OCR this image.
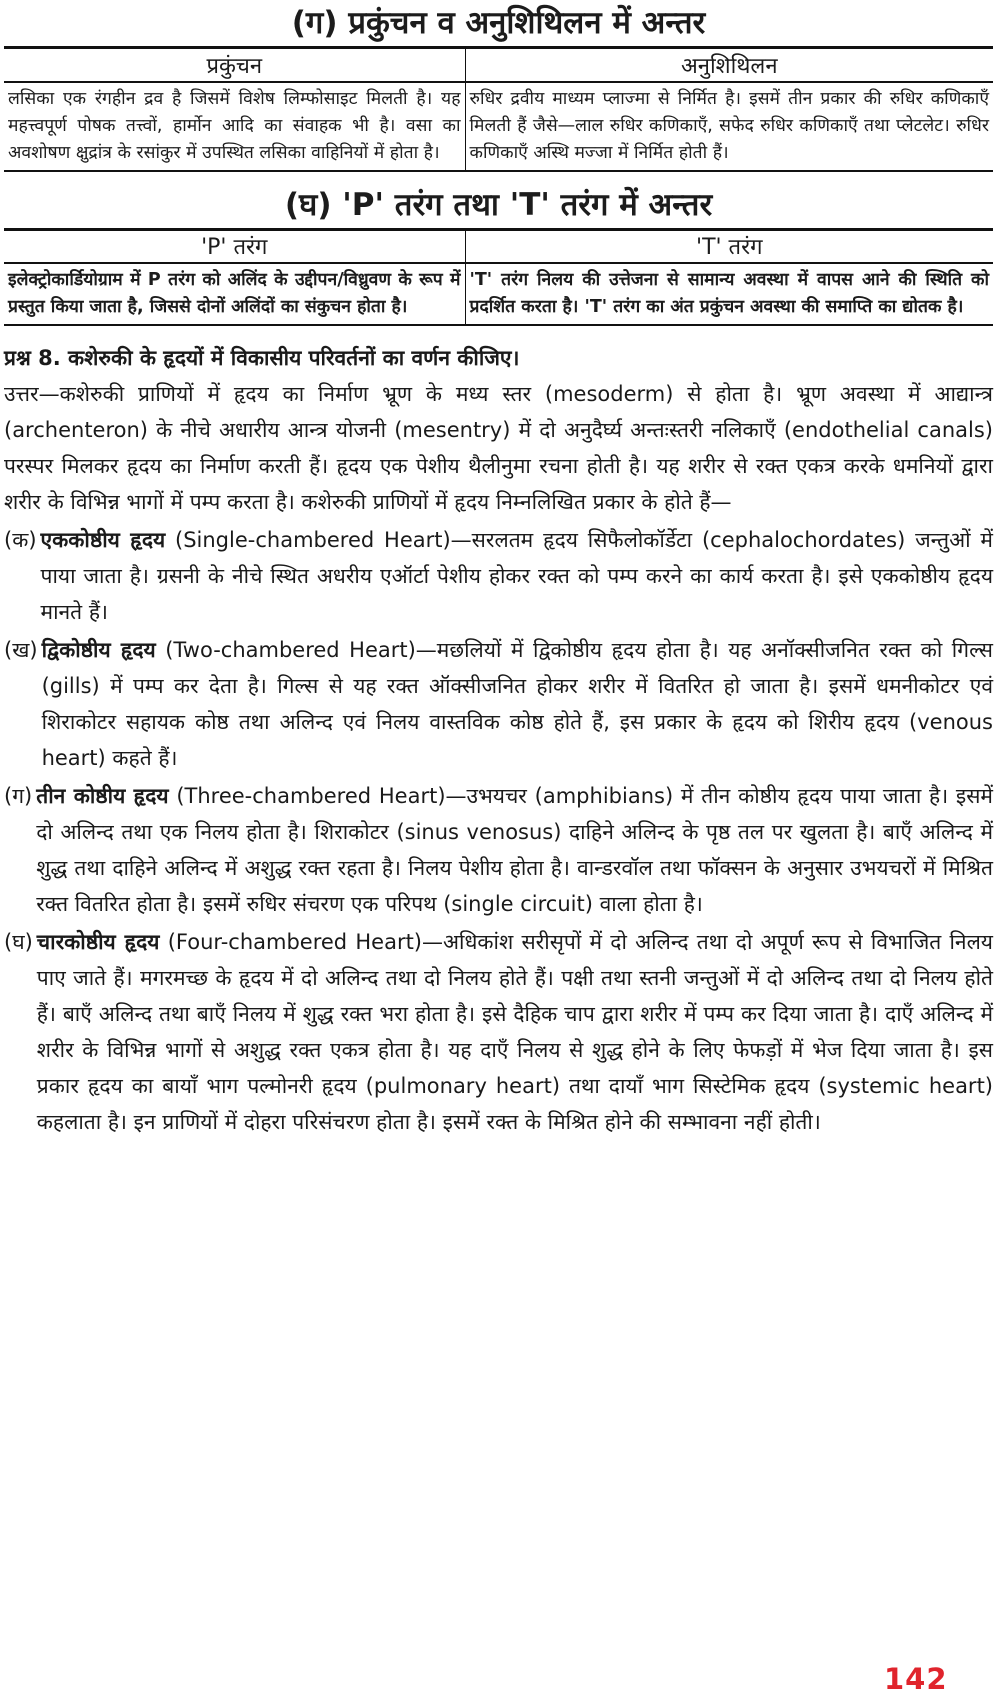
(ग) प्रकुंचन व अनुशिथिलन में अन्तर
प्रकुंचन	अनुशिथिलन
लसिका एक रंगहीन द्रव है जिसमें विशेष लिम्फोसाइट मिलती है। यह महत्त्वपूर्ण पोषक तत्त्वों, हार्मोन आदि का संवाहक भी है। वसा का अवशोषण क्षुद्रांत्र के रसांकुर में उपस्थित लसिका वाहिनियों में होता है।	रुधिर द्रवीय माध्यम प्लाज्मा से निर्मित है। इसमें तीन प्रकार की रुधिर कणिकाएँ मिलती हैं जैसे—लाल रुधिर कणिकाएँ, सफेद रुधिर कणिकाएँ तथा प्लेटलेट। रुधिर कणिकाएँ अस्थि मज्जा में निर्मित होती हैं।
(घ) 'P' तरंग तथा 'T' तरंग में अन्तर
'P' तरंग	'T' तरंग
इलेक्ट्रोकार्डियोग्राम में P तरंग को अलिंद के उद्दीपन/विध्रुवण के रूप में प्रस्तुत किया जाता है, जिससे दोनों अलिंदों का संकुचन होता है।	'T' तरंग निलय की उत्तेजना से सामान्य अवस्था में वापस आने की स्थिति को प्रदर्शित करता है। 'T' तरंग का अंत प्रकुंचन अवस्था की समाप्ति का द्योतक है।

प्रश्न 8. कशेरुकी के हृदयों में विकासीय परिवर्तनों का वर्णन कीजिए।

उत्तर—कशेरुकी प्राणियों में हृदय का निर्माण भ्रूण के मध्य स्तर (mesoderm) से होता है। भ्रूण अवस्था में आद्यान्त्र (archenteron) के नीचे अधारीय आन्त्र योजनी (mesentry) में दो अनुदैर्घ्य अन्तःस्तरी नलिकाएँ (endothelial canals) परस्पर मिलकर हृदय का निर्माण करती हैं। हृदय एक पेशीय थैलीनुमा रचना होती है। यह शरीर से रक्त एकत्र करके धमनियों द्वारा शरीर के विभिन्न भागों में पम्प करता है। कशेरुकी प्राणियों में हृदय निम्नलिखित प्रकार के होते हैं—

(क) एककोष्ठीय हृदय (Single-chambered Heart)—सरलतम हृदय सिफैलोकॉर्डेटा (cephalochordates) जन्तुओं में पाया जाता है। ग्रसनी के नीचे स्थित अधरीय एऑर्टा पेशीय होकर रक्त को पम्प करने का कार्य करता है। इसे एककोष्ठीय हृदय मानते हैं।
(ख) द्विकोष्ठीय हृदय (Two-chambered Heart)—मछलियों में द्विकोष्ठीय हृदय होता है। यह अनॉक्सीजनित रक्त को गिल्स (gills) में पम्प कर देता है। गिल्स से यह रक्त ऑक्सीजनित होकर शरीर में वितरित हो जाता है। इसमें धमनीकोटर एवं शिराकोटर सहायक कोष्ठ तथा अलिन्द एवं निलय वास्तविक कोष्ठ होते हैं, इस प्रकार के हृदय को शिरीय हृदय (venous heart) कहते हैं।
(ग) तीन कोष्ठीय हृदय (Three-chambered Heart)—उभयचर (amphibians) में तीन कोष्ठीय हृदय पाया जाता है। इसमें दो अलिन्द तथा एक निलय होता है। शिराकोटर (sinus venosus) दाहिने अलिन्द के पृष्ठ तल पर खुलता है। बाएँ अलिन्द में शुद्ध तथा दाहिने अलिन्द में अशुद्ध रक्त रहता है। निलय पेशीय होता है। वान्डरवॉल तथा फॉक्सन के अनुसार उभयचरों में मिश्रित रक्त वितरित होता है। इसमें रुधिर संचरण एक परिपथ (single circuit) वाला होता है।
(घ) चारकोष्ठीय हृदय (Four-chambered Heart)—अधिकांश सरीसृपों में दो अलिन्द तथा दो अपूर्ण रूप से विभाजित निलय पाए जाते हैं। मगरमच्छ के हृदय में दो अलिन्द तथा दो निलय होते हैं। पक्षी तथा स्तनी जन्तुओं में दो अलिन्द तथा दो निलय होते हैं। बाएँ अलिन्द तथा बाएँ निलय में शुद्ध रक्त भरा होता है। इसे दैहिक चाप द्वारा शरीर में पम्प कर दिया जाता है। दाएँ अलिन्द में शरीर के विभिन्न भागों से अशुद्ध रक्त एकत्र होता है। यह दाएँ निलय से शुद्ध होने के लिए फेफड़ों में भेज दिया जाता है। इस प्रकार हृदय का बायाँ भाग पल्मोनरी हृदय (pulmonary heart) तथा दायाँ भाग सिस्टेमिक हृदय (systemic heart) कहलाता है। इन प्राणियों में दोहरा परिसंचरण होता है। इसमें रक्त के मिश्रित होने की सम्भावना नहीं होती।
142
